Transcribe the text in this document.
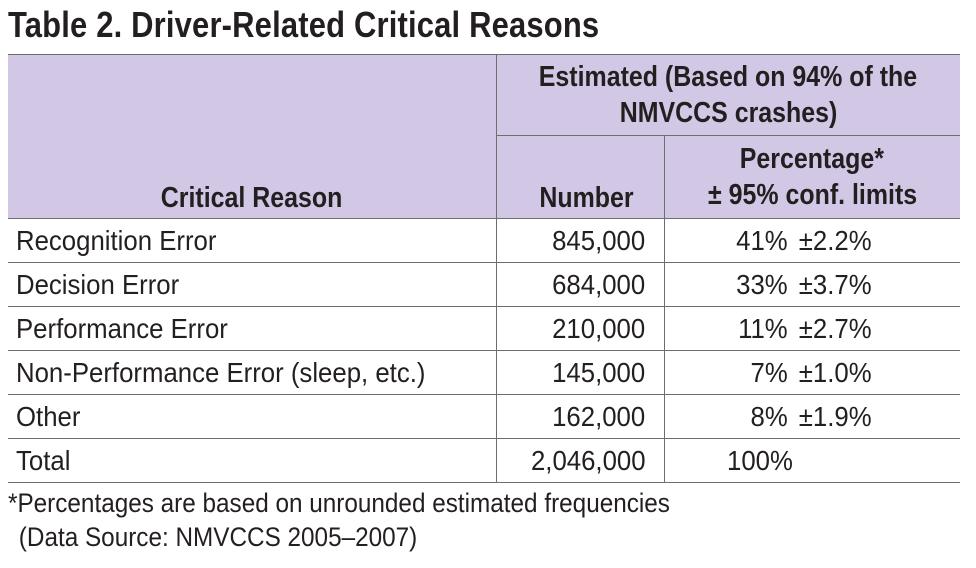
Table 2. Driver-Related Critical Reasons
Critical Reason	Estimated (Based on 94% of the
NMVCCS crashes)	
	Number	Percentage*
± 95% conf. limits
Recognition Error	845,000	41% ±2.2%
Decision Error	684,000	33% ±3.7%
Performance Error	210,000	11% ±2.7%
Non-Performance Error (sleep, etc.)	145,000	7% ±1.0%
Other	162,000	8% ±1.9%
Total	2,046,000	100%
*Percentages are based on unrounded estimated frequencies
(Data Source: NMVCCS 2005–2007)
